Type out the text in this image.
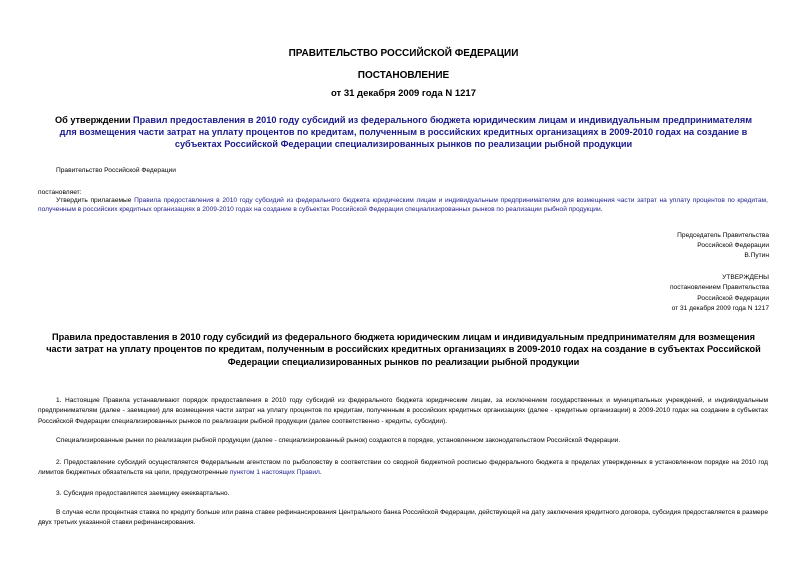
ПРАВИТЕЛЬСТВО РОССИЙСКОЙ ФЕДЕРАЦИИ
ПОСТАНОВЛЕНИЕ
от 31 декабря 2009 года N 1217
Об утверждении Правил предоставления в 2010 году субсидий из федерального бюджета юридическим лицам и индивидуальным предпринимателям для возмещения части затрат на уплату процентов по кредитам, полученным в российских кредитных организациях в 2009-2010 годах на создание в субъектах Российской Федерации специализированных рынков по реализации рыбной продукции
Правительство Российской Федерации
постановляет:
Утвердить прилагаемые Правила предоставления в 2010 году субсидий из федерального бюджета юридическим лицам и индивидуальным предпринимателям для возмещения части затрат на уплату процентов по кредитам, полученным в российских кредитных организациях в 2009-2010 годах на создание в субъектах Российской Федерации специализированных рынков по реализации рыбной продукции.
Председатель Правительства
Российской Федерации
В.Путин
УТВЕРЖДЕНЫ
постановлением Правительства
Российской Федерации
от 31 декабря 2009 года N 1217
Правила предоставления в 2010 году субсидий из федерального бюджета юридическим лицам и индивидуальным предпринимателям для возмещения части затрат на уплату процентов по кредитам, полученным в российских кредитных организациях в 2009-2010 годах на создание в субъектах Российской Федерации специализированных рынков по реализации рыбной продукции
1. Настоящие Правила устанавливают порядок предоставления в 2010 году субсидий из федерального бюджета юридическим лицам, за исключением государственных и муниципальных учреждений, и индивидуальным предпринимателям (далее - заемщики) для возмещения части затрат на уплату процентов по кредитам, полученным в российских кредитных организациях (далее - кредитные организации) в 2009-2010 годах на создание в субъектах Российской Федерации специализированных рынков по реализации рыбной продукции (далее соответственно - кредиты, субсидии).
Специализированные рынки по реализации рыбной продукции (далее - специализированный рынок) создаются в порядке, установленном законодательством Российской Федерации.
2. Предоставление субсидий осуществляется Федеральным агентством по рыболовству в соответствии со сводной бюджетной росписью федерального бюджета в пределах утвержденных в установленном порядке на 2010 год лимитов бюджетных обязательств на цели, предусмотренные пунктом 1 настоящих Правил.
3. Субсидия предоставляется заемщику ежеквартально.
В случае если процентная ставка по кредиту больше или равна ставке рефинансирования Центрального банка Российской Федерации, действующей на дату заключения кредитного договора, субсидия предоставляется в размере двух третьих указанной ставки рефинансирования.
